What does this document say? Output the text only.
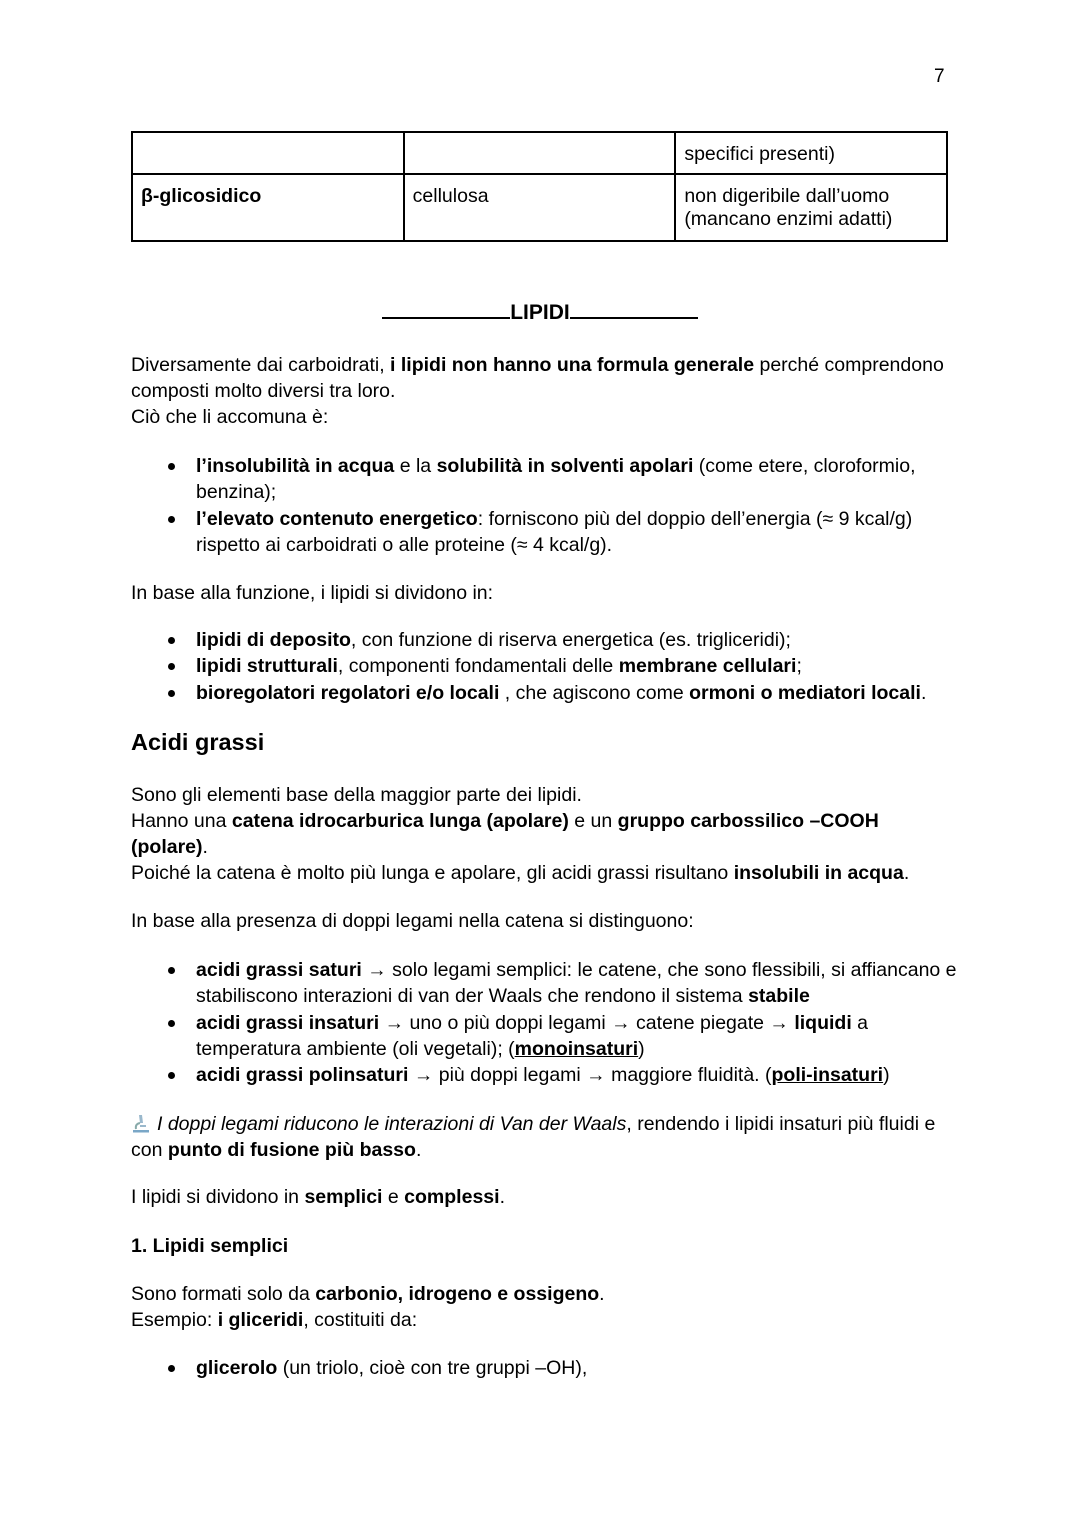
7
		specifici presenti)
β-glicosidico	cellulosa	non digeribile dall’uomo (mancano enzimi adatti)
LIPIDI

Diversamente dai carboidrati, i lipidi non hanno una formula generale perché comprendono composti molto diversi tra loro.

Ciò che li accomuna è:

l’insolubilità in acqua e la solubilità in solventi apolari (come etere, cloroformio, benzina);
l’elevato contenuto energetico: forniscono più del doppio dell’energia (≈ 9 kcal/g) rispetto ai carboidrati o alle proteine (≈ 4 kcal/g).

In base alla funzione, i lipidi si dividono in:

lipidi di deposito, con funzione di riserva energetica (es. trigliceridi);
lipidi strutturali, componenti fondamentali delle membrane cellulari;
bioregolatori regolatori e/o locali , che agiscono come ormoni o mediatori locali.
Acidi grassi

Sono gli elementi base della maggior parte dei lipidi.

Hanno una catena idrocarburica lunga (apolare) e un gruppo carbossilico –COOH (polare).

Poiché la catena è molto più lunga e apolare, gli acidi grassi risultano insolubili in acqua.

In base alla presenza di doppi legami nella catena si distinguono:

acidi grassi saturi → solo legami semplici: le catene, che sono flessibili, si affiancano e stabiliscono interazioni di van der Waals che rendono il sistema stabile
acidi grassi insaturi → uno o più doppi legami → catene piegate → liquidi a temperatura ambiente (oli vegetali); (monoinsaturi)
acidi grassi polinsaturi → più doppi legami → maggiore fluidità. (poli-insaturi)

I doppi legami riducono le interazioni di Van der Waals, rendendo i lipidi insaturi più fluidi e con punto di fusione più basso.

I lipidi si dividono in semplici e complessi.

1. Lipidi semplici

Sono formati solo da carbonio, idrogeno e ossigeno.

Esempio: i gliceridi, costituiti da:

glicerolo (un triolo, cioè con tre gruppi –OH),
